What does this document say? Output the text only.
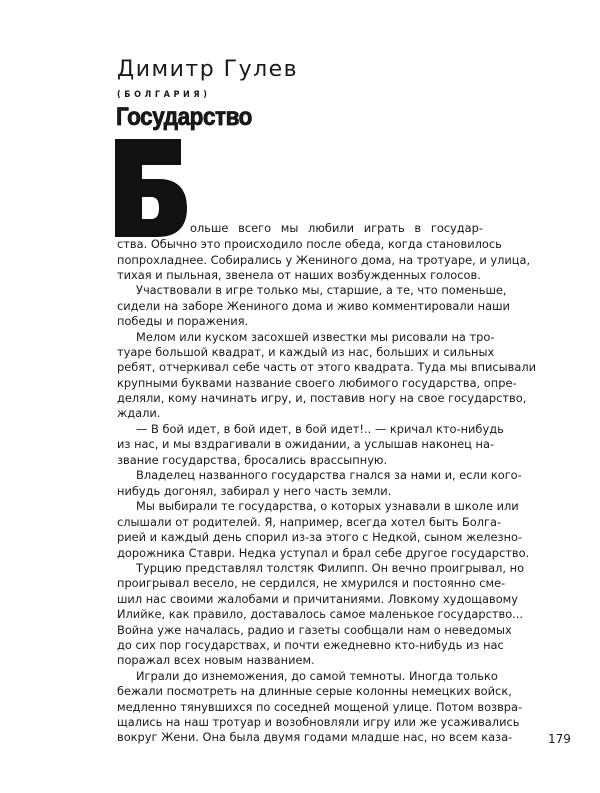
Димитр Гулев
(БОЛГАРИЯ)
Государство
ольше всего мы любили играть в государ-
ства. Обычно это происходило после обеда, когда становилось
попрохладнее. Собирались у Жениного дома, на тротуаре, и улица,
тихая и пыльная, звенела от наших возбужденных голосов.
Участвовали в игре только мы, старшие, а те, что поменьше,
сидели на заборе Жениного дома и живо комментировали наши
победы и поражения.
Мелом или куском засохшей известки мы рисовали на тро-
туаре большой квадрат, и каждый из нас, больших и сильных
ребят, отчеркивал себе часть от этого квадрата. Туда мы вписывали
крупными буквами название своего любимого государства, опре-
деляли, кому начинать игру, и, поставив ногу на свое государство,
ждали.
— В бой идет, в бой идет, в бой идет!.. — кричал кто-нибудь
из нас, и мы вздрагивали в ожидании, а услышав наконец на-
звание государства, бросались врассыпную.
Владелец названного государства гнался за нами и, если кого-
нибудь догонял, забирал у него часть земли.
Мы выбирали те государства, о которых узнавали в школе или
слышали от родителей. Я, например, всегда хотел быть Болга-
рией и каждый день спорил из-за этого с Недкой, сыном железно-
дорожника Ставри. Недка уступал и брал себе другое государство.
Турцию представлял толстяк Филипп. Он вечно проигрывал, но
проигрывал весело, не сердился, не хмурился и постоянно сме-
шил нас своими жалобами и причитаниями. Ловкому худощавому
Илийке, как правило, доставалось самое маленькое государство...
Война уже началась, радио и газеты сообщали нам о неведомых
до сих пор государствах, и почти ежедневно кто-нибудь из нас
поражал всех новым названием.
Играли до изнеможения, до самой темноты. Иногда только
бежали посмотреть на длинные серые колонны немецких войск,
медленно тянувшихся по соседней мощеной улице. Потом возвра-
щались на наш тротуар и возобновляли игру или же усаживались
вокруг Жени. Она была двумя годами младше нас, но всем каза-	179
